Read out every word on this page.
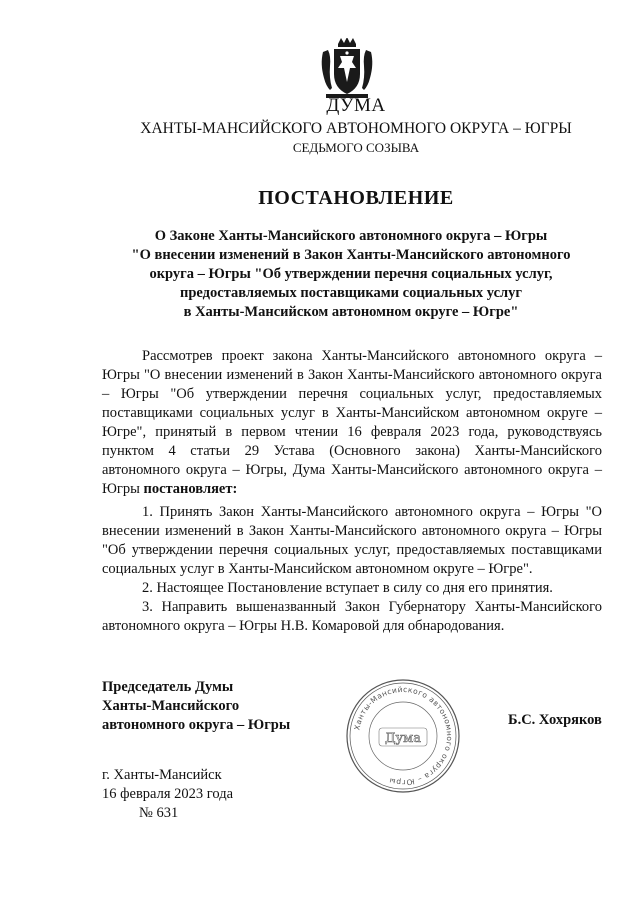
ДУМА

ХАНТЫ-МАНСИЙСКОГО АВТОНОМНОГО ОКРУГА – ЮГРЫ

СЕДЬМОГО СОЗЫВА

ПОСТАНОВЛЕНИЕ
О Законе Ханты-Мансийского автономного округа – Югры
"О внесении изменений в Закон Ханты-Мансийского автономного
округа – Югры "Об утверждении перечня социальных услуг,
предоставляемых поставщиками социальных услуг
в Ханты-Мансийском автономном округе – Югре"

Рассмотрев проект закона Ханты-Мансийского автономного округа – Югры "О внесении изменений в Закон Ханты-Мансийского автономного округа – Югры "Об утверждении перечня социальных услуг, предоставляемых поставщиками социальных услуг в Ханты-Мансийском автономном округе – Югре", принятый в первом чтении 16 февраля 2023 года, руководствуясь пунктом 4 статьи 29 Устава (Основного закона) Ханты-Мансийского автономного округа – Югры, Дума Ханты-Мансийского автономного округа – Югры постановляет:

1. Принять Закон Ханты-Мансийского автономного округа – Югры "О внесении изменений в Закон Ханты-Мансийского автономного округа – Югры "Об утверждении перечня социальных услуг, предоставляемых поставщиками социальных услуг в Ханты-Мансийском автономном округе – Югре".

2. Настоящее Постановление вступает в силу со дня его принятия.

3. Направить вышеназванный Закон Губернатору Ханты-Мансийского автономного округа – Югры Н.В. Комаровой для обнародования.

Председатель Думы
Ханты-Мансийского
автономного округа – Югры	Ханты-Мансийского автономного округа – Югры
Дума
Б.С. Хохряков
г. Ханты-Мансийск
16 февраля 2023 года
№ 631
